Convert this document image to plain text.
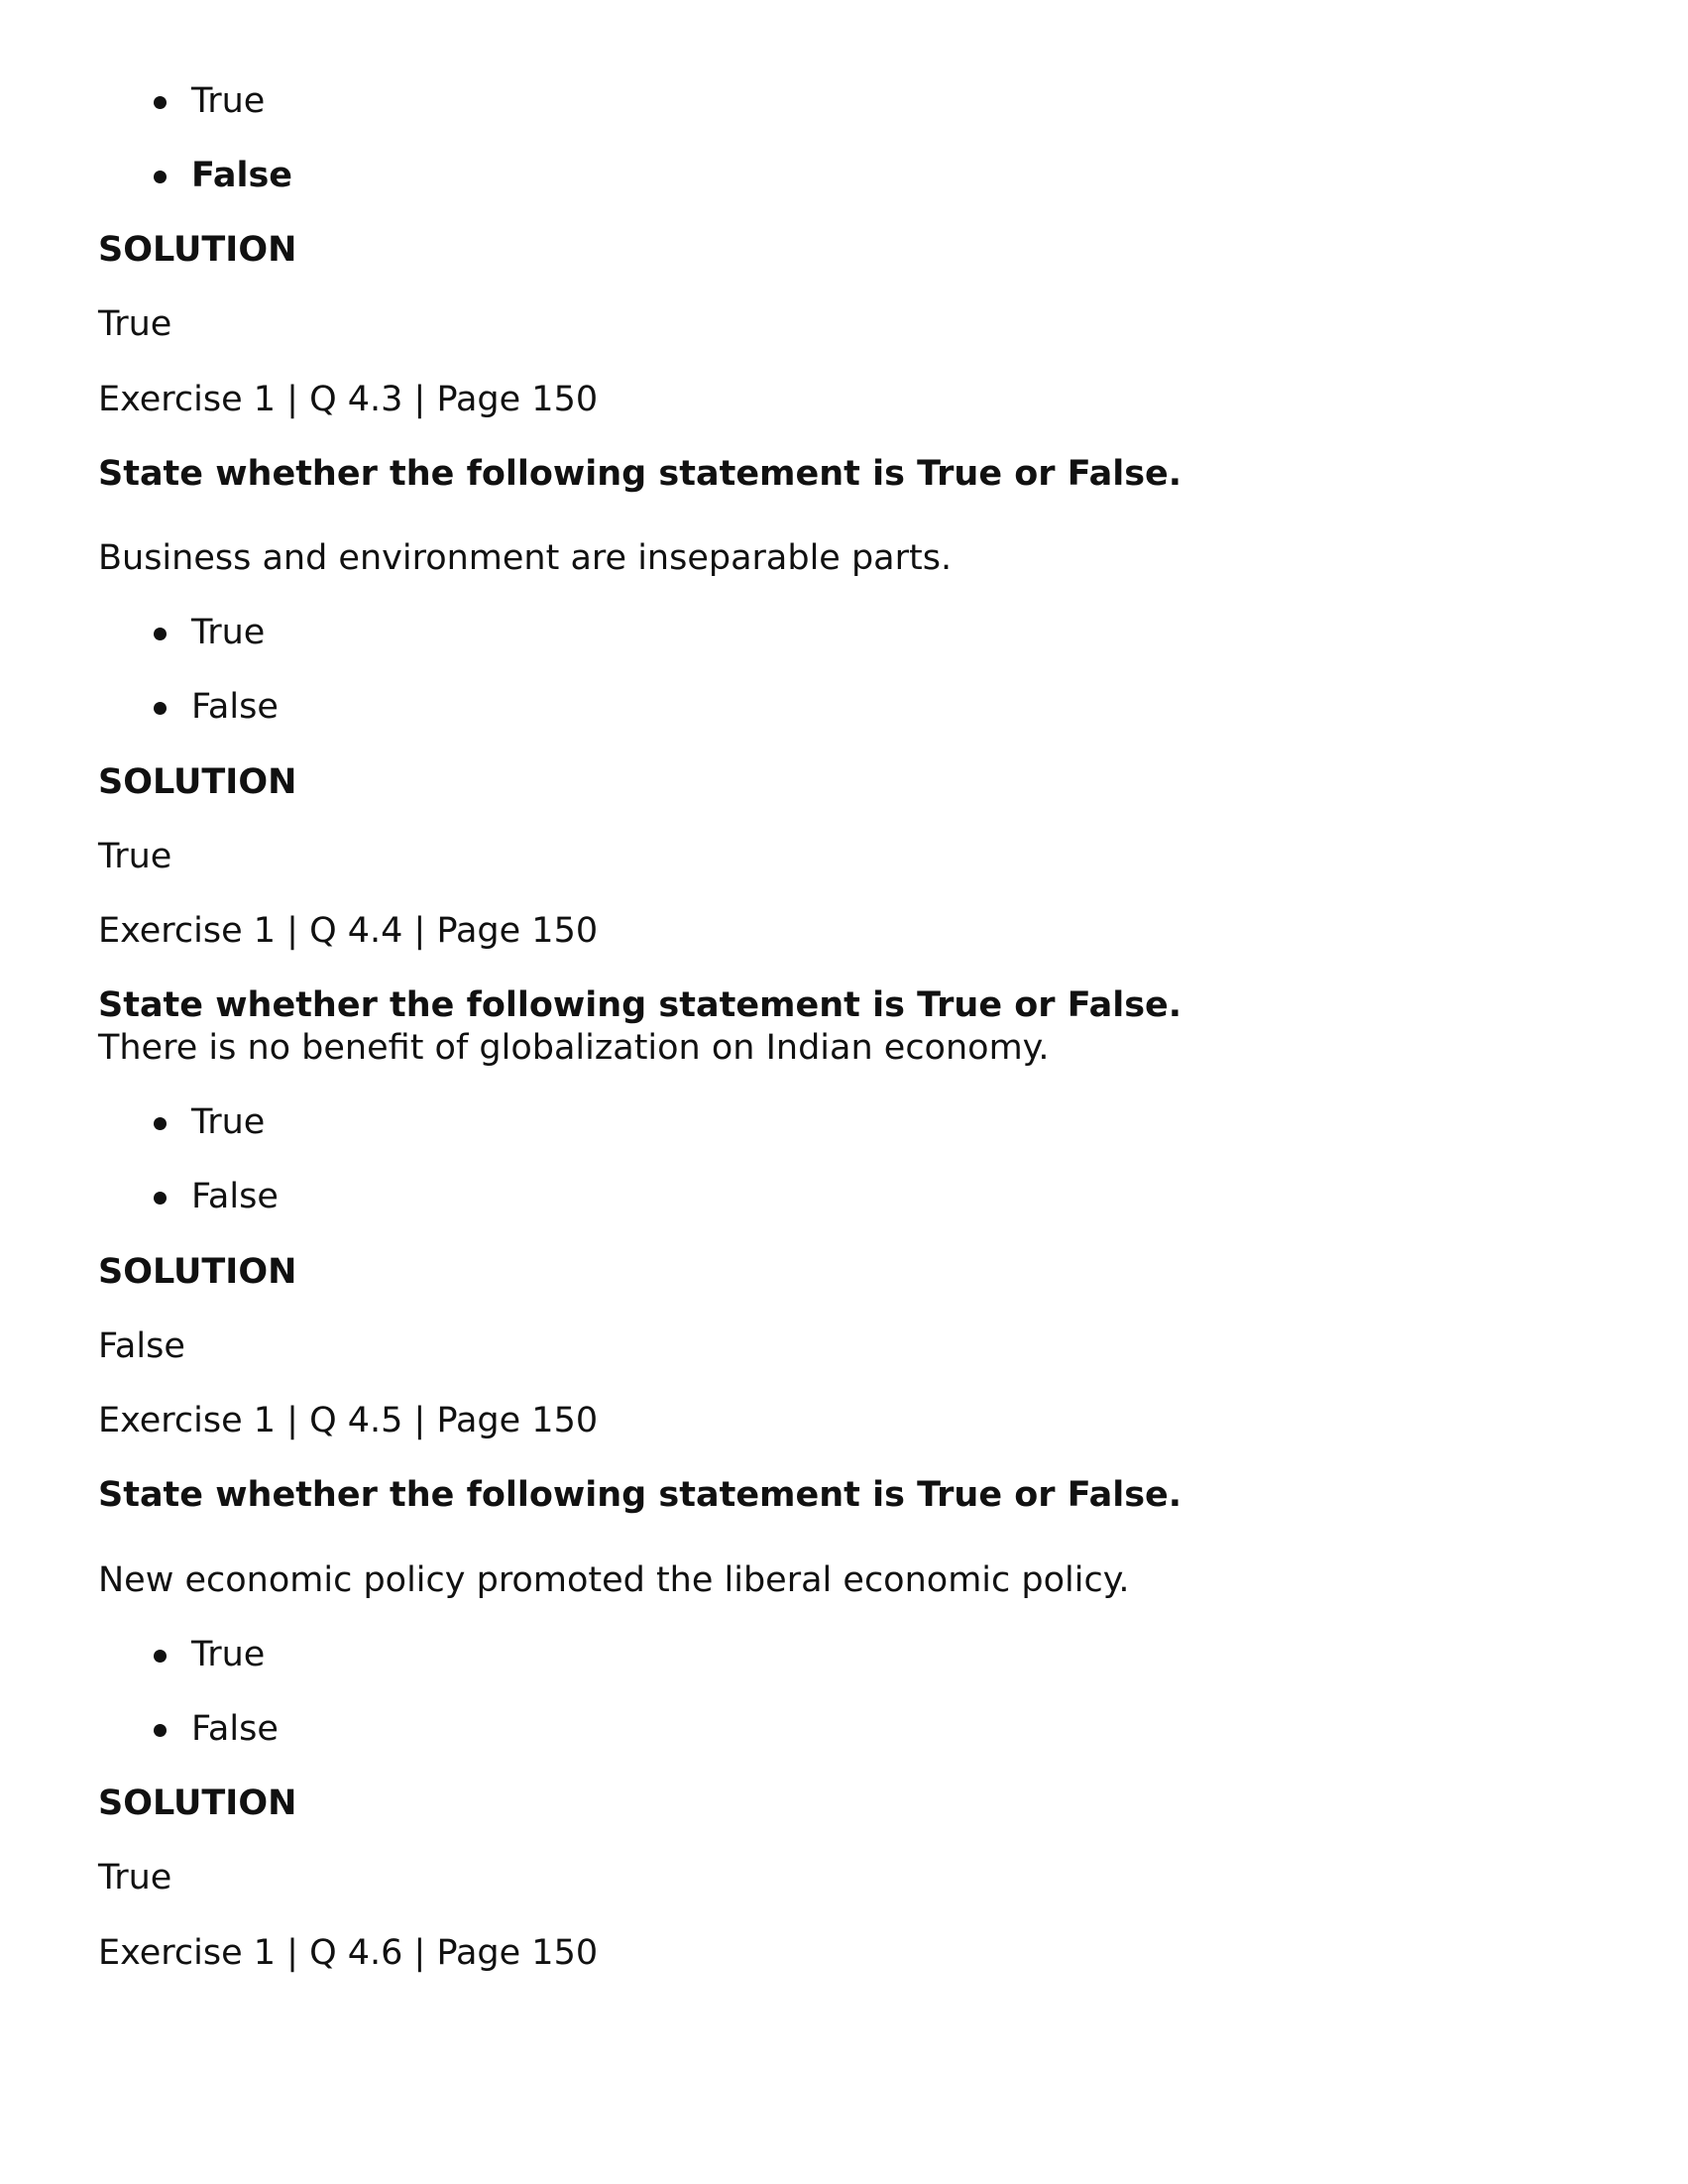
True
False
SOLUTION
True
Exercise 1 | Q 4.3 | Page 150
State whether the following statement is True or False.
Business and environment are inseparable parts.
True
False
SOLUTION
True
Exercise 1 | Q 4.4 | Page 150
State whether the following statement is True or False.
There is no benefit of globalization on Indian economy.
True
False
SOLUTION
False
Exercise 1 | Q 4.5 | Page 150
State whether the following statement is True or False.
New economic policy promoted the liberal economic policy.
True
False
SOLUTION
True
Exercise 1 | Q 4.6 | Page 150
